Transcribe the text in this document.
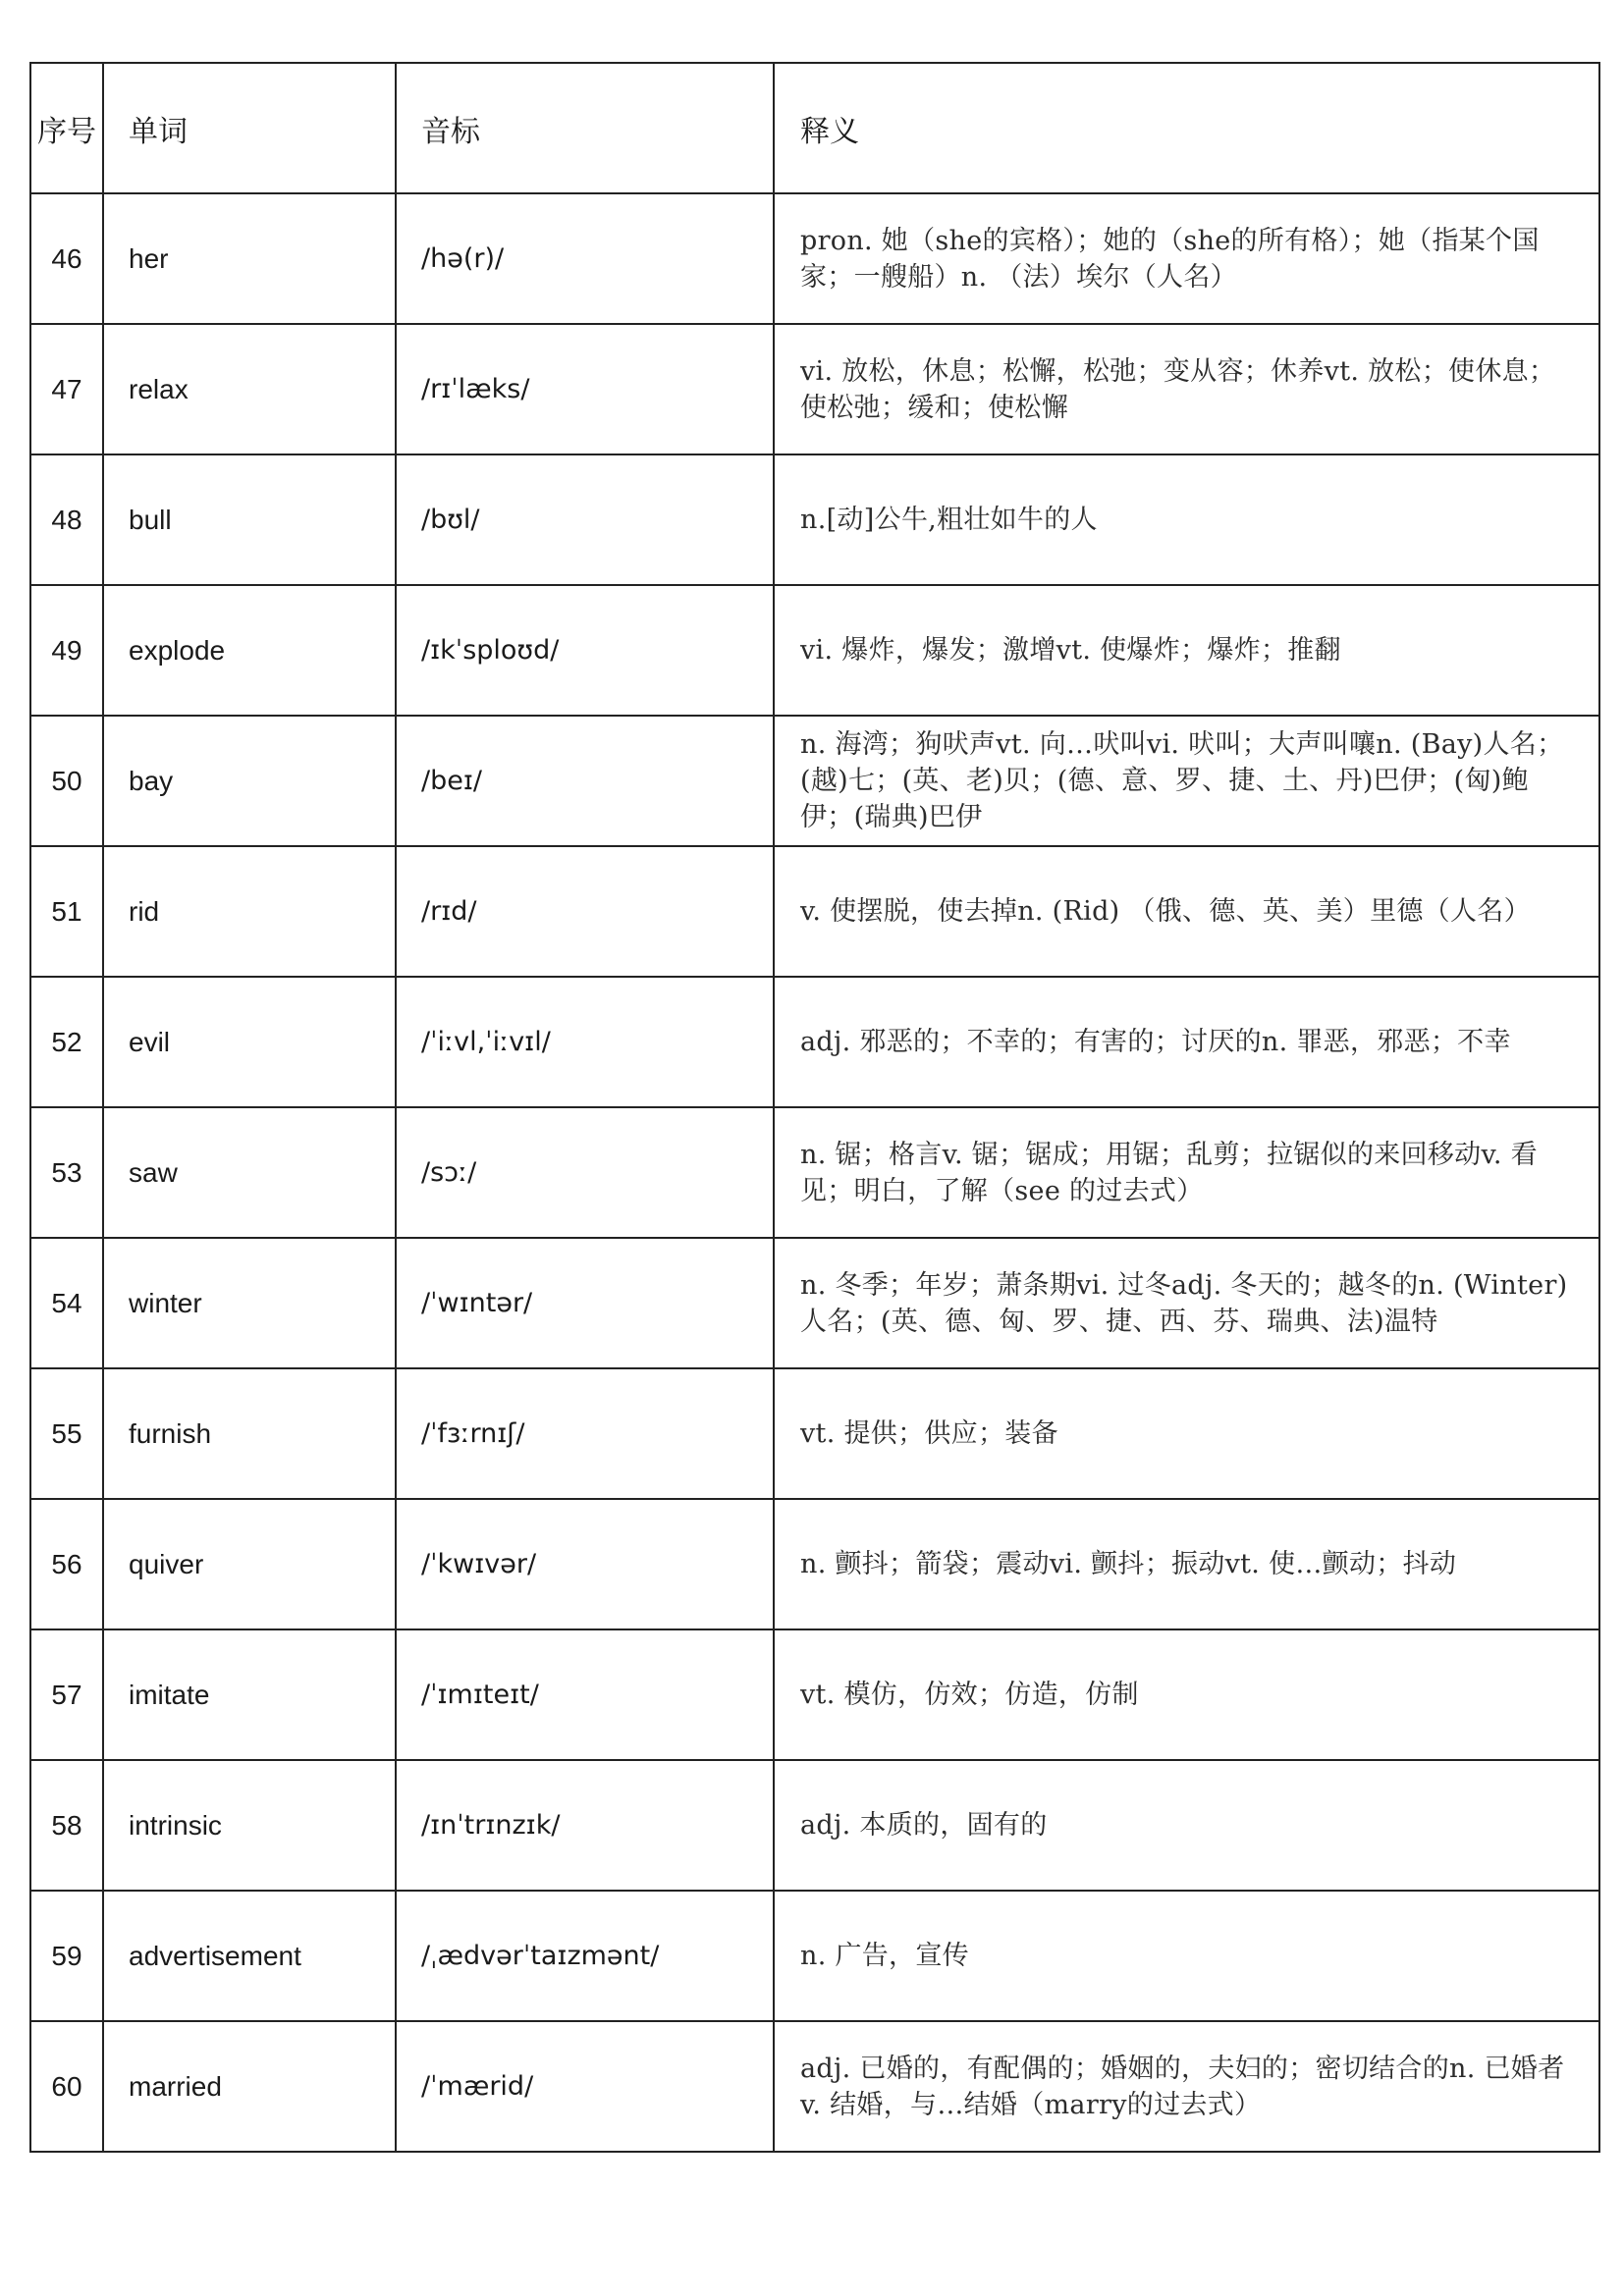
序号	单词	音标	释义
46	her	/hə(r)/	pron. 她（she的宾格）；她的（she的所有格）；她（指某个国家；一艘船）n. （法）埃尔（人名）
47	relax	/rɪˈlæks/	vi. 放松，休息；松懈，松弛；变从容；休养vt. 放松；使休息；使松弛；缓和；使松懈
48	bull	/bʊl/	n.[动]公牛,粗壮如牛的人
49	explode	/ɪkˈsploʊd/	vi. 爆炸，爆发；激增vt. 使爆炸；爆炸；推翻
50	bay	/beɪ/	n. 海湾；狗吠声vt. 向…吠叫vi. 吠叫；大声叫嚷n. (Bay)人名；(越)七；(英、老)贝；(德、意、罗、捷、土、丹)巴伊；(匈)鲍伊；(瑞典)巴伊
51	rid	/rɪd/	v. 使摆脱，使去掉n. (Rid) （俄、德、英、美）里德（人名）
52	evil	/ˈiːvl,ˈiːvɪl/	adj. 邪恶的；不幸的；有害的；讨厌的n. 罪恶，邪恶；不幸
53	saw	/sɔː/	n. 锯；格言v. 锯；锯成；用锯；乱剪；拉锯似的来回移动v. 看见；明白，了解（see 的过去式）
54	winter	/ˈwɪntər/	n. 冬季；年岁；萧条期vi. 过冬adj. 冬天的；越冬的n. (Winter)人名；(英、德、匈、罗、捷、西、芬、瑞典、法)温特
55	furnish	/ˈfɜːrnɪʃ/	vt. 提供；供应；装备
56	quiver	/ˈkwɪvər/	n. 颤抖；箭袋；震动vi. 颤抖；振动vt. 使…颤动；抖动
57	imitate	/ˈɪmɪteɪt/	vt. 模仿，仿效；仿造，仿制
58	intrinsic	/ɪnˈtrɪnzɪk/	adj. 本质的，固有的
59	advertisement	/ˌædvərˈtaɪzmənt/	n. 广告，宣传
60	married	/ˈmærid/	adj. 已婚的，有配偶的；婚姻的，夫妇的；密切结合的n. 已婚者v. 结婚，与…结婚（marry的过去式）
